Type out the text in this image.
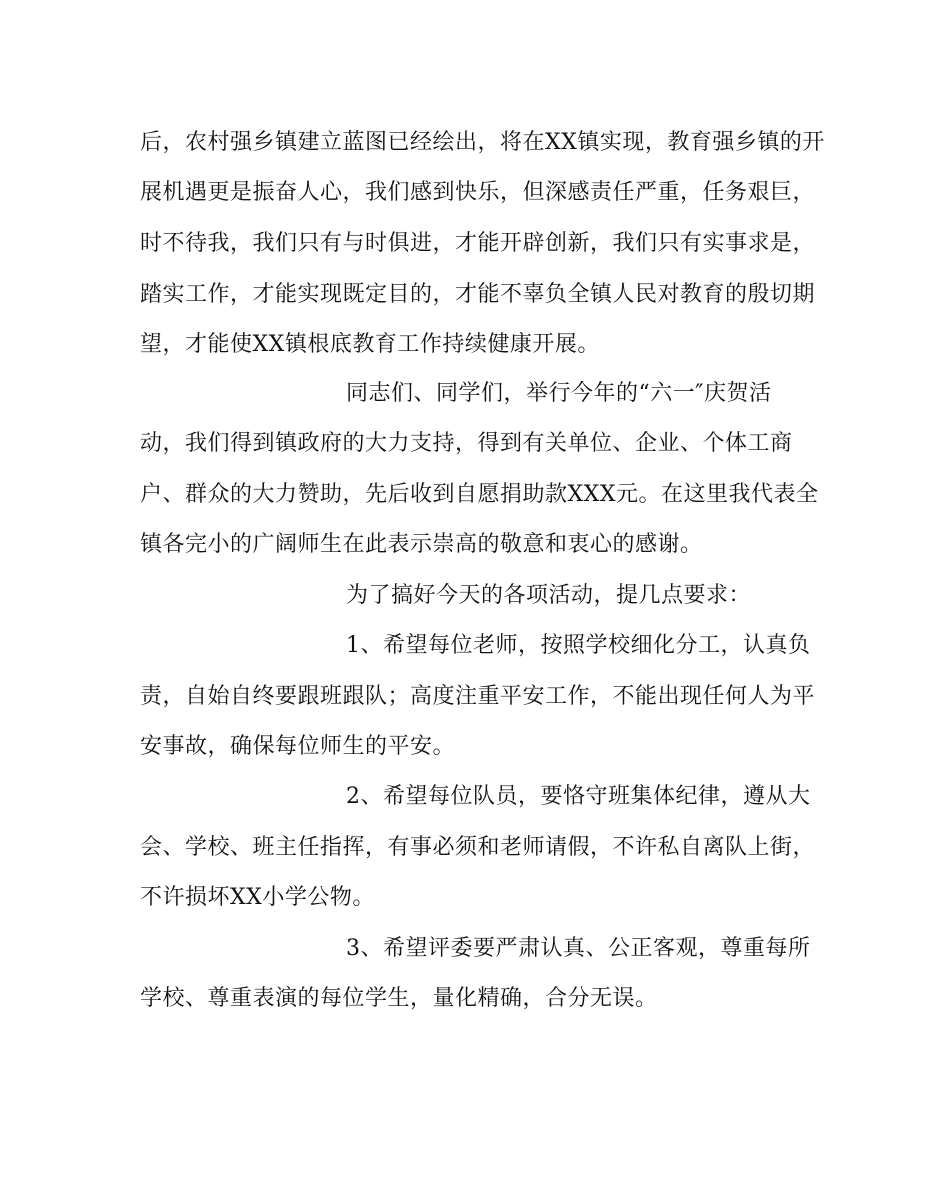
后，农村强乡镇建立蓝图已经绘出，将在XX镇实现，教育强乡镇的开
展机遇更是振奋人心，我们感到快乐，但深感责任严重，任务艰巨，
时不待我，我们只有与时俱进，才能开辟创新，我们只有实事求是，
踏实工作，才能实现既定目的，才能不辜负全镇人民对教育的殷切期
望，才能使XX镇根底教育工作持续健康开展。
同志们、同学们，举行今年的“六一″庆贺活
动，我们得到镇政府的大力支持，得到有关单位、企业、个体工商
户、群众的大力赞助，先后收到自愿捐助款XXX元。在这里我代表全
镇各完小的广阔师生在此表示崇高的敬意和衷心的感谢。
为了搞好今天的各项活动，提几点要求：
1、希望每位老师，按照学校细化分工，认真负
责，自始自终要跟班跟队；高度注重平安工作，不能出现任何人为平
安事故，确保每位师生的平安。
2、希望每位队员，要恪守班集体纪律，遵从大
会、学校、班主任指挥，有事必须和老师请假，不许私自离队上街，
不许损坏XX小学公物。
3、希望评委要严肃认真、公正客观，尊重每所
学校、尊重表演的每位学生，量化精确，合分无误。
